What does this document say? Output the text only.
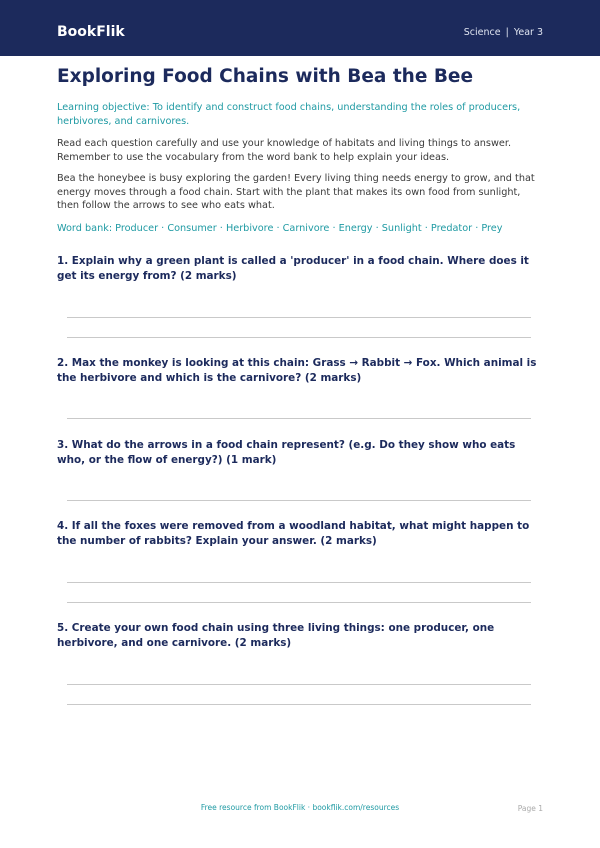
BookFlik	Science | Year 3
Exploring Food Chains with Bea the Bee
Learning objective: To identify and construct food chains, understanding the roles of producers, herbivores, and carnivores.
Read each question carefully and use your knowledge of habitats and living things to answer. Remember to use the vocabulary from the word bank to help explain your ideas.
Bea the honeybee is busy exploring the garden! Every living thing needs energy to grow, and that energy moves through a food chain. Start with the plant that makes its own food from sunlight, then follow the arrows to see who eats what.
Word bank: Producer · Consumer · Herbivore · Carnivore · Energy · Sunlight · Predator · Prey
1. Explain why a green plant is called a 'producer' in a food chain. Where does it get its energy from? (2 marks)
2. Max the monkey is looking at this chain: Grass → Rabbit → Fox. Which animal is the herbivore and which is the carnivore? (2 marks)
3. What do the arrows in a food chain represent? (e.g. Do they show who eats who, or the flow of energy?) (1 mark)
4. If all the foxes were removed from a woodland habitat, what might happen to the number of rabbits? Explain your answer. (2 marks)
5. Create your own food chain using three living things: one producer, one herbivore, and one carnivore. (2 marks)
Free resource from BookFlik · bookflik.com/resources	Page 1
